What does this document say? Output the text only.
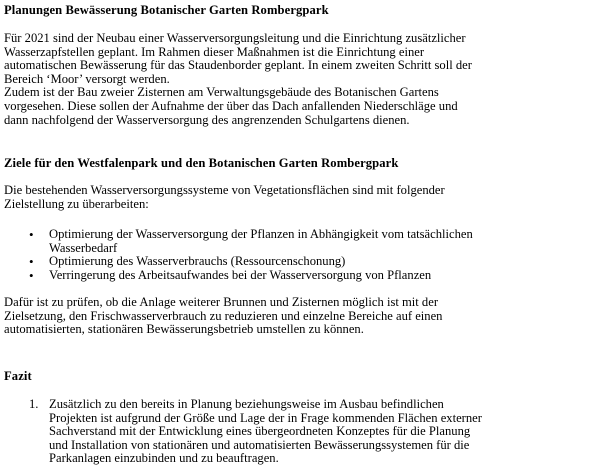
Planungen Bewässerung Botanischer Garten Rombergpark
Für 2021 sind der Neubau einer Wasserversorgungsleitung und die Einrichtung zusätzlicher
Wasserzapfstellen geplant. Im Rahmen dieser Maßnahmen ist die Einrichtung einer
automatischen Bewässerung für das Staudenborder geplant. In einem zweiten Schritt soll der
Bereich ‘Moor’ versorgt werden.
Zudem ist der Bau zweier Zisternen am Verwaltungsgebäude des Botanischen Gartens
vorgesehen. Diese sollen der Aufnahme der über das Dach anfallenden Niederschläge und
dann nachfolgend der Wasserversorgung des angrenzenden Schulgartens dienen.
Ziele für den Westfalenpark und den Botanischen Garten Rombergpark
Die bestehenden Wasserversorgungssysteme von Vegetationsflächen sind mit folgender
Zielstellung zu überarbeiten:
• Optimierung der Wasserversorgung der Pflanzen in Abhängigkeit vom tatsächlichen
Wasserbedarf
• Optimierung des Wasserverbrauchs (Ressourcenschonung)
• Verringerung des Arbeitsaufwandes bei der Wasserversorgung von Pflanzen
Dafür ist zu prüfen, ob die Anlage weiterer Brunnen und Zisternen möglich ist mit der
Zielsetzung, den Frischwasserverbrauch zu reduzieren und einzelne Bereiche auf einen
automatisierten, stationären Bewässerungsbetrieb umstellen zu können.
Fazit
1. Zusätzlich zu den bereits in Planung beziehungsweise im Ausbau befindlichen
Projekten ist aufgrund der Größe und Lage der in Frage kommenden Flächen externer
Sachverstand mit der Entwicklung eines übergeordneten Konzeptes für die Planung
und Installation von stationären und automatisierten Bewässerungssystemen für die
Parkanlagen einzubinden und zu beauftragen.
